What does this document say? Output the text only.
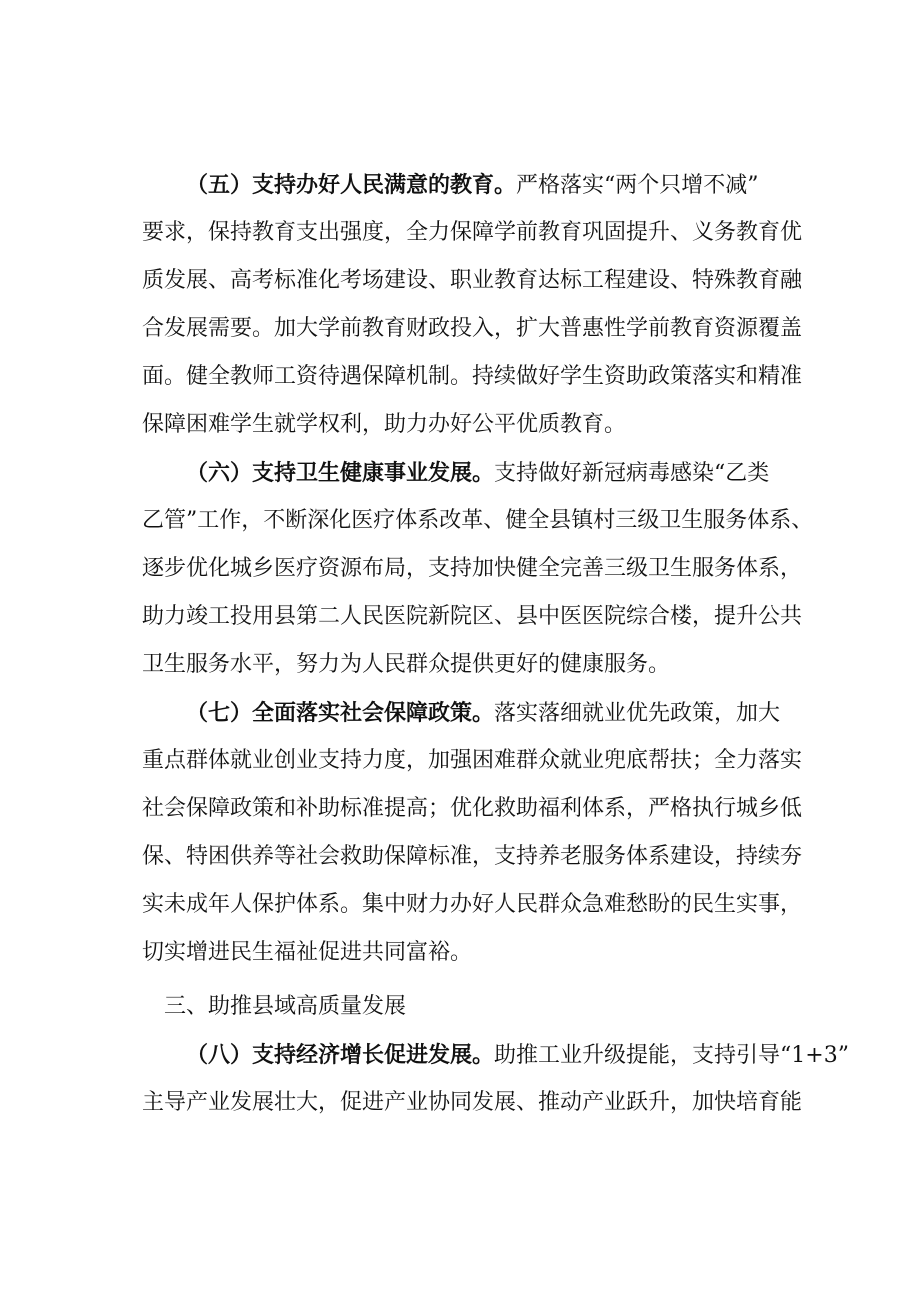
（五）支持办好人民满意的教育。严格落实“两个只增不减”
要求，保持教育支出强度，全力保障学前教育巩固提升、义务教育优
质发展、高考标准化考场建设、职业教育达标工程建设、特殊教育融
合发展需要。加大学前教育财政投入，扩大普惠性学前教育资源覆盖
面。健全教师工资待遇保障机制。持续做好学生资助政策落实和精准
保障困难学生就学权利，助力办好公平优质教育。
（六）支持卫生健康事业发展。支持做好新冠病毒感染“乙类
乙管”工作，不断深化医疗体系改革、健全县镇村三级卫生服务体系、
逐步优化城乡医疗资源布局，支持加快健全完善三级卫生服务体系，
助力竣工投用县第二人民医院新院区、县中医医院综合楼，提升公共
卫生服务水平，努力为人民群众提供更好的健康服务。
（七）全面落实社会保障政策。落实落细就业优先政策，加大
重点群体就业创业支持力度，加强困难群众就业兜底帮扶；全力落实
社会保障政策和补助标准提高；优化救助福利体系，严格执行城乡低
保、特困供养等社会救助保障标准，支持养老服务体系建设，持续夯
实未成年人保护体系。集中财力办好人民群众急难愁盼的民生实事，
切实增进民生福祉促进共同富裕。
三、助推县域高质量发展
（八）支持经济增长促进发展。助推工业升级提能，支持引导“1+3”
主导产业发展壮大，促进产业协同发展、推动产业跃升，加快培育能
